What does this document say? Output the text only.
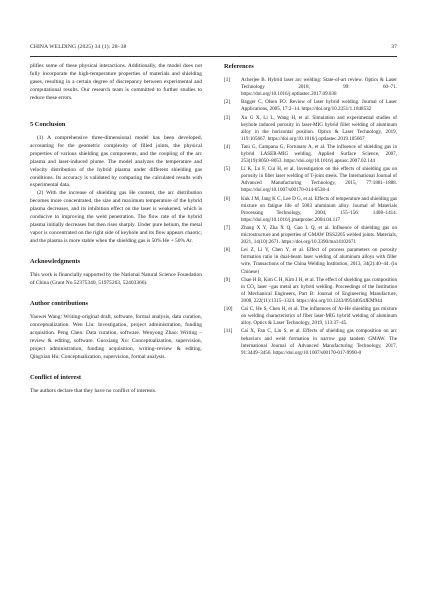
CHINA WELDING (2025) 34 (1): 28–38	37

plifies some of these physical interactions. Additionally, the model does not fully incorporate the high-temperature properties of materials and shielding gases, resulting in a certain degree of discrepancy between experimental and computational results. Our research team is committed to further studies to reduce these errors.

5 Conclusion

(1) A comprehensive three-dimensional model has been developed, accounting for the geometric complexity of filled joints, the physical properties of various shielding gas components, and the coupling of the arc plasma and laser-induced plume. The model analyzes the temperature and velocity distribution of the hybrid plasma under different shielding gas conditions. Its accuracy is validated by comparing the calculated results with experimental data.

(2) With the increase of shielding gas He content, the arc distribution becomes more concentrated, the size and maximum temperature of the hybrid plasma decreases, and its inhibition effect on the laser is weakened, which is conducive to improving the weld penetration. The flow rate of the hybrid plasma initially decreases but then rises sharply. Under pure helium, the metal vapor is concentrated on the right side of keyhole and its flow appears chaotic, and the plasma is more stable when the shielding gas is 50% He + 50% Ar.

Acknowledgments

This work is financially supported by the National Natural Science Foundation of China (Grant No.52375340, 51975263, 52403366).

Author contributions

Yaowei Wang: Writing-original draft, software, formal analysis, data curation, conceptualization. Wen Liu: Investigation, project administration, funding acquisition. Peng Chen: Data curation, software. Wenyong Zhao: Writing – review & editing, software. Guoxiang Xu: Conceptualization, supervision, project administration, funding acquisition, writing–review & editing. Qingxian Hu: Conceptualization, supervision, formal analysis.

Conflict of interest

The authors declare that they have no conflict of interests.

References

[1] Acherjee B. Hybrid laser arc welding: State-of-art review. Optics & Laser Technology 2018, 99: 60–71. https://doi.org/10.1016/j.optlastec.2017.09.038

[2] Bagger C, Olsen FO. Review of laser hybrid welding. Journal of Laser Applications, 2005, 17:2–14. https://doi.org/10.2351/1.1848532

[3] Xu G X, Li L, Wang H, et al. Simulation and experimental studies of keyhole induced porosity in laser-MIG hybrid fillet welding of aluminum alloy in the horizontal position. Optics & Laser Technology, 2019, 119:105667. https://doi.org/10.1016/j.optlastec.2019.105667

[4] Tani G, Campana G, Fortunato A, et al. The influence of shielding gas in hybrid LASER-MIG welding. Applied Surface Science, 2007, 253(19):8050–8053. https://doi.org/10.1016/j.apsusc.2007.02.144

[5] Li K, Lu F, Cui H, et al. Investigation on the effects of shielding gas on porosity in fiber laser welding of T-joint steels. The International Journal of Advanced Manufacturing Technology, 2015, 77:1881–1888. https://doi.org/10.1007/s00170-014-6538-4

[6] Kuk J M, Jang K C, Lee D G, et al. Effects of temperature and shielding gas mixture on fatigue life of 5083 aluminum alloy. Journal of Materials Processing Technology, 2004, 155–156: 1408–1414. https://doi.org/10.1016/j.jmatprotec.2004.04.117

[7] Zhang X Y, Zha X Q, Gao L Q, et al. Influence of shielding gas on microstructure and properties of GMAW DSS2205 welded joints. Materials, 2021, 14(10):2671. https://doi.org/10.3390/ma14102671

[8] Lei Z, Li Y, Chen Y, et al. Effect of process parameters on porosity formation ratio in dual-beam laser welding of aluminum alloys with filler wire. Transactions of the China Welding Institution, 2013, 34(2):40–44. (in Chinese)

[9] Chae H B, Kim C H, Kim J H, et al. The effect of shielding gas composition in CO₂ laser –gas metal arc hybrid welding. Proceedings of the Institution of Mechanical Engineers, Part B: Journal of Engineering Manufacture, 2008, 222(11):1315–1324. https://doi.org/10.1243/09544054JEM944

[10] Cai C, He S, Chen H, et al. The influences of Ar-He shielding gas mixture on welding characteristics of fiber laser-MIG hybrid welding of aluminum alloy. Optics & Laser Technology, 2019, 113:37–45.

[11] Cai X, Fan C, Lin S, et al. Effects of shielding gas composition on arc behaviors and weld formation in narrow gap tandem GMAW. The International Journal of Advanced Manufacturing Technology, 2017, 91:3449–3456. https://doi.org/10.1007/s00170-017-9990-0
